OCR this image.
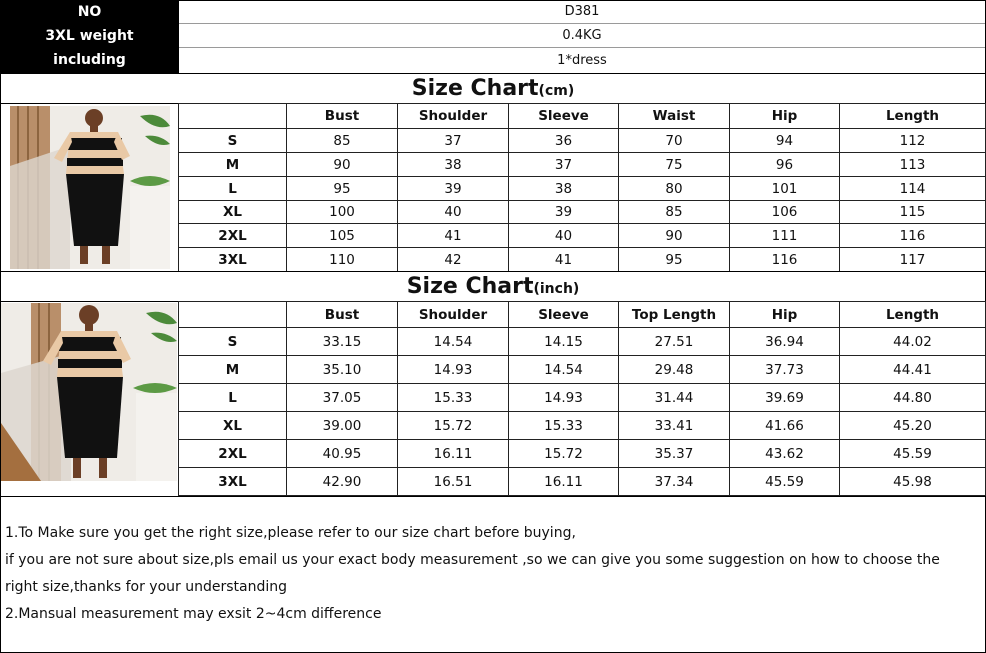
NO	D381
3XL weight	0.4KG
including	1*dress
Size Chart(cm)
	Bust	Shoulder	Sleeve	Waist	Hip	Length
S	85	37	36	70	94	112
M	90	38	37	75	96	113
L	95	39	38	80	101	114
XL	100	40	39	85	106	115
2XL	105	41	40	90	111	116
3XL	110	42	41	95	116	117
Size Chart(inch)
	Bust	Shoulder	Sleeve	Top Length	Hip	Length
S	33.15	14.54	14.15	27.51	36.94	44.02
M	35.10	14.93	14.54	29.48	37.73	44.41
L	37.05	15.33	14.93	31.44	39.69	44.80
XL	39.00	15.72	15.33	33.41	41.66	45.20
2XL	40.95	16.11	15.72	35.37	43.62	45.59
3XL	42.90	16.51	16.11	37.34	45.59	45.98
1.To Make sure you get the right size,please refer to our size chart before buying,
if you are not sure about size,pls email us your exact body measurement ,so we can give you some suggestion on how to choose the
right size,thanks for your understanding
2.Mansual measurement may exsit 2~4cm difference
